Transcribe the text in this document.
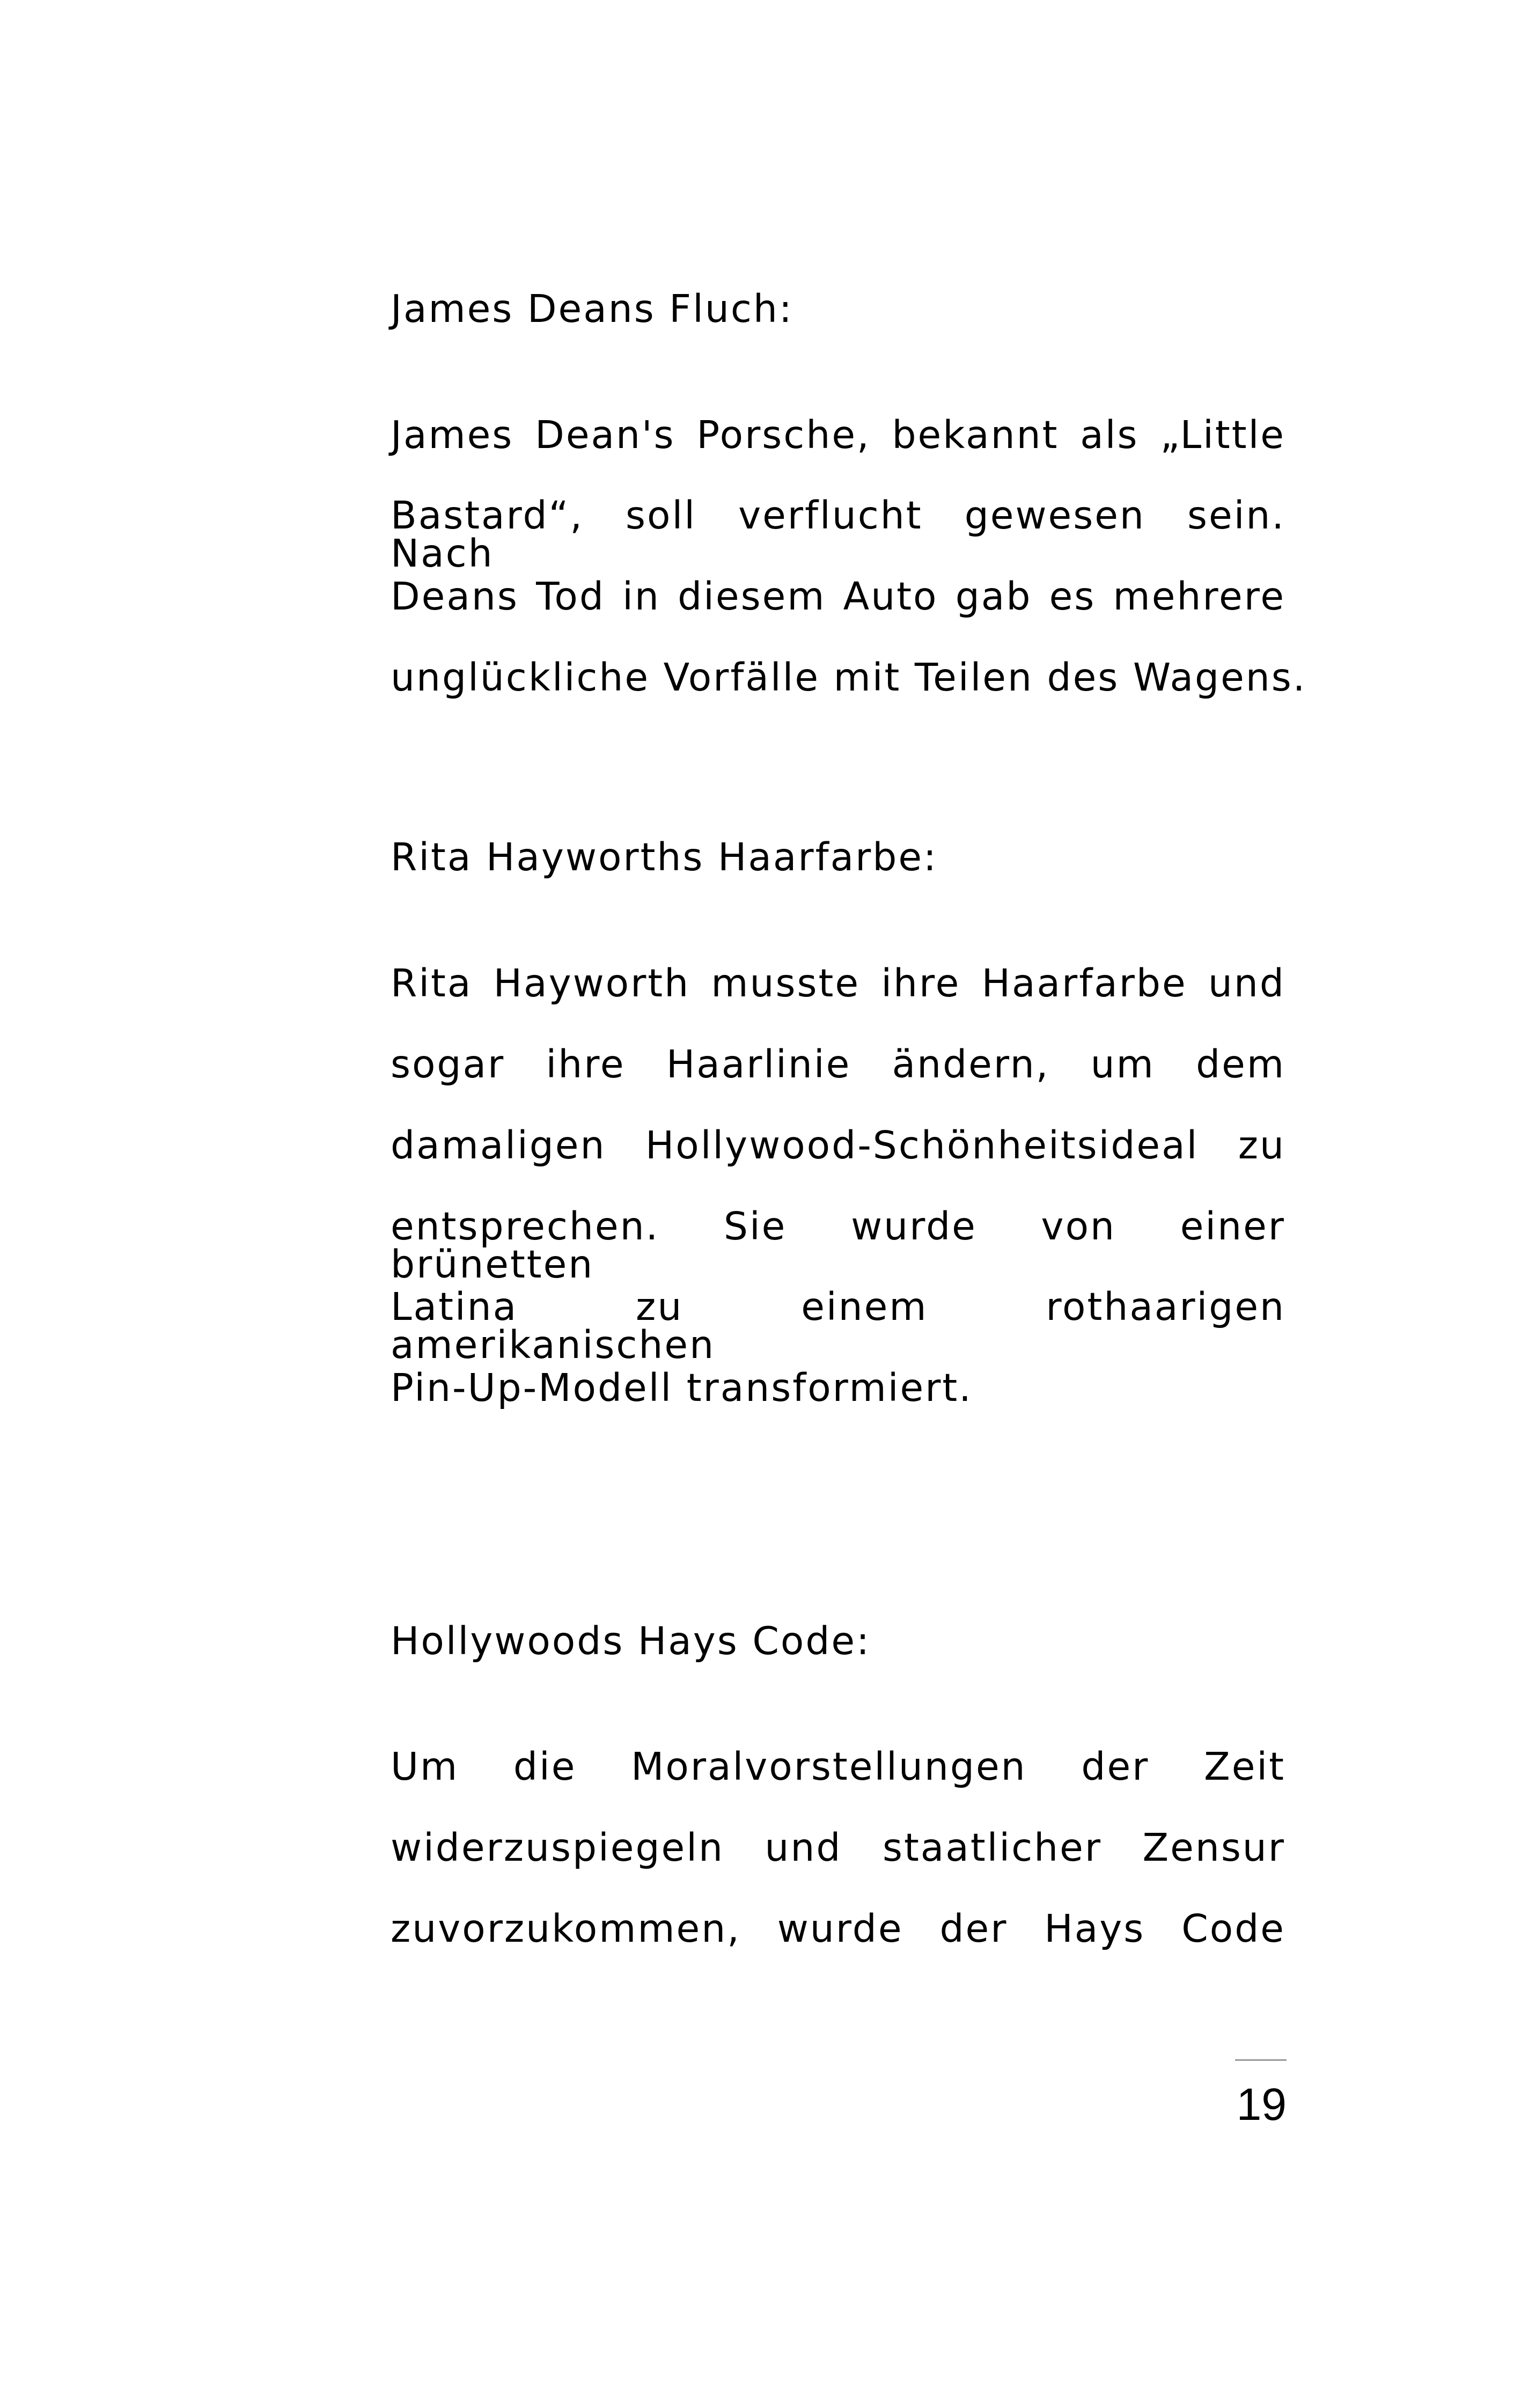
James Deans Fluch:
James Dean's Porsche, bekannt als „Little
Bastard“, soll verflucht gewesen sein. Nach
Deans Tod in diesem Auto gab es mehrere
unglückliche Vorfälle mit Teilen des Wagens.
Rita Hayworths Haarfarbe:
Rita Hayworth musste ihre Haarfarbe und
sogar ihre Haarlinie ändern, um dem
damaligen Hollywood-Schönheitsideal zu
entsprechen. Sie wurde von einer brünetten
Latina zu einem rothaarigen amerikanischen
Pin-Up-Modell transformiert.
Hollywoods Hays Code:
Um die Moralvorstellungen der Zeit
widerzuspiegeln und staatlicher Zensur
zuvorzukommen, wurde der Hays Code
19
